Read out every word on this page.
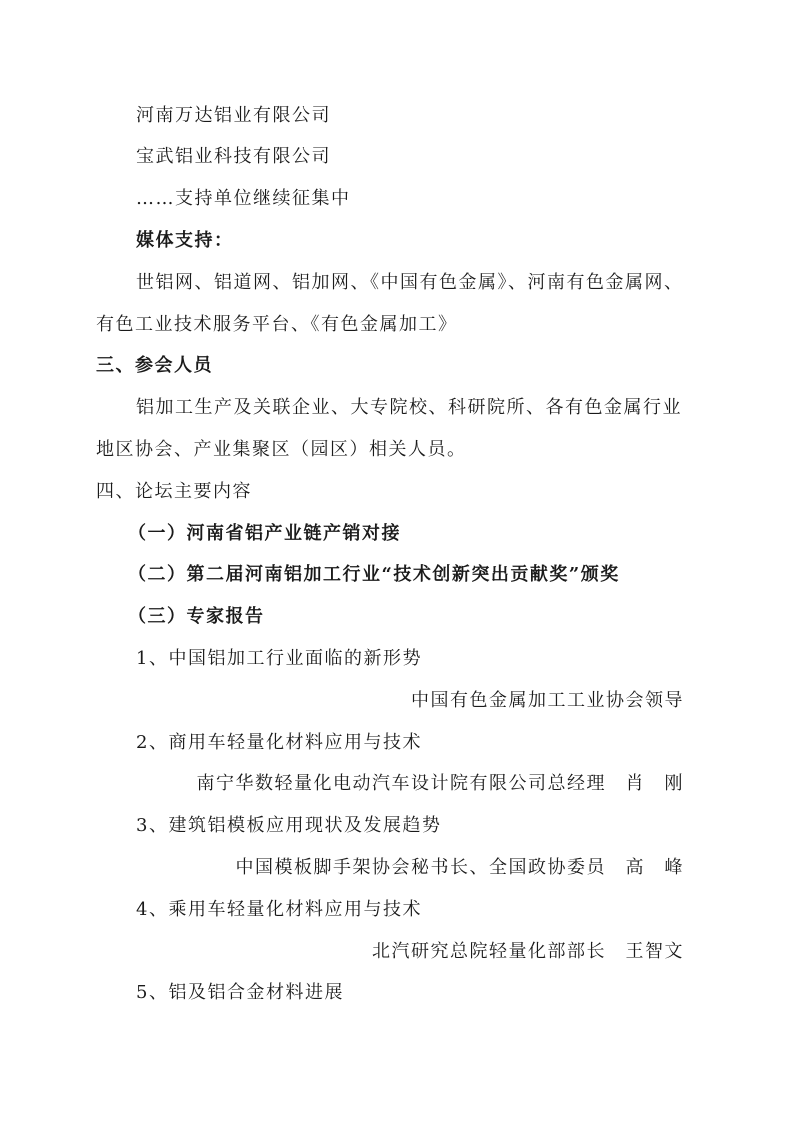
河南万达铝业有限公司
宝武铝业科技有限公司
……支持单位继续征集中
媒体支持：
世铝网、铝道网、铝加网、《中国有色金属》、河南有色金属网、
有色工业技术服务平台、《有色金属加工》
三、参会人员
铝加工生产及关联企业、大专院校、科研院所、各有色金属行业
地区协会、产业集聚区（园区）相关人员。
四、论坛主要内容
（一）河南省铝产业链产销对接
（二）第二届河南铝加工行业“技术创新突出贡献奖”颁奖
（三）专家报告
1、中国铝加工行业面临的新形势
中国有色金属加工工业协会领导
2、商用车轻量化材料应用与技术
南宁华数轻量化电动汽车设计院有限公司总经理　肖　刚
3、建筑铝模板应用现状及发展趋势
中国模板脚手架协会秘书长、全国政协委员　高　峰
4、乘用车轻量化材料应用与技术
北汽研究总院轻量化部部长　王智文
5、铝及铝合金材料进展
